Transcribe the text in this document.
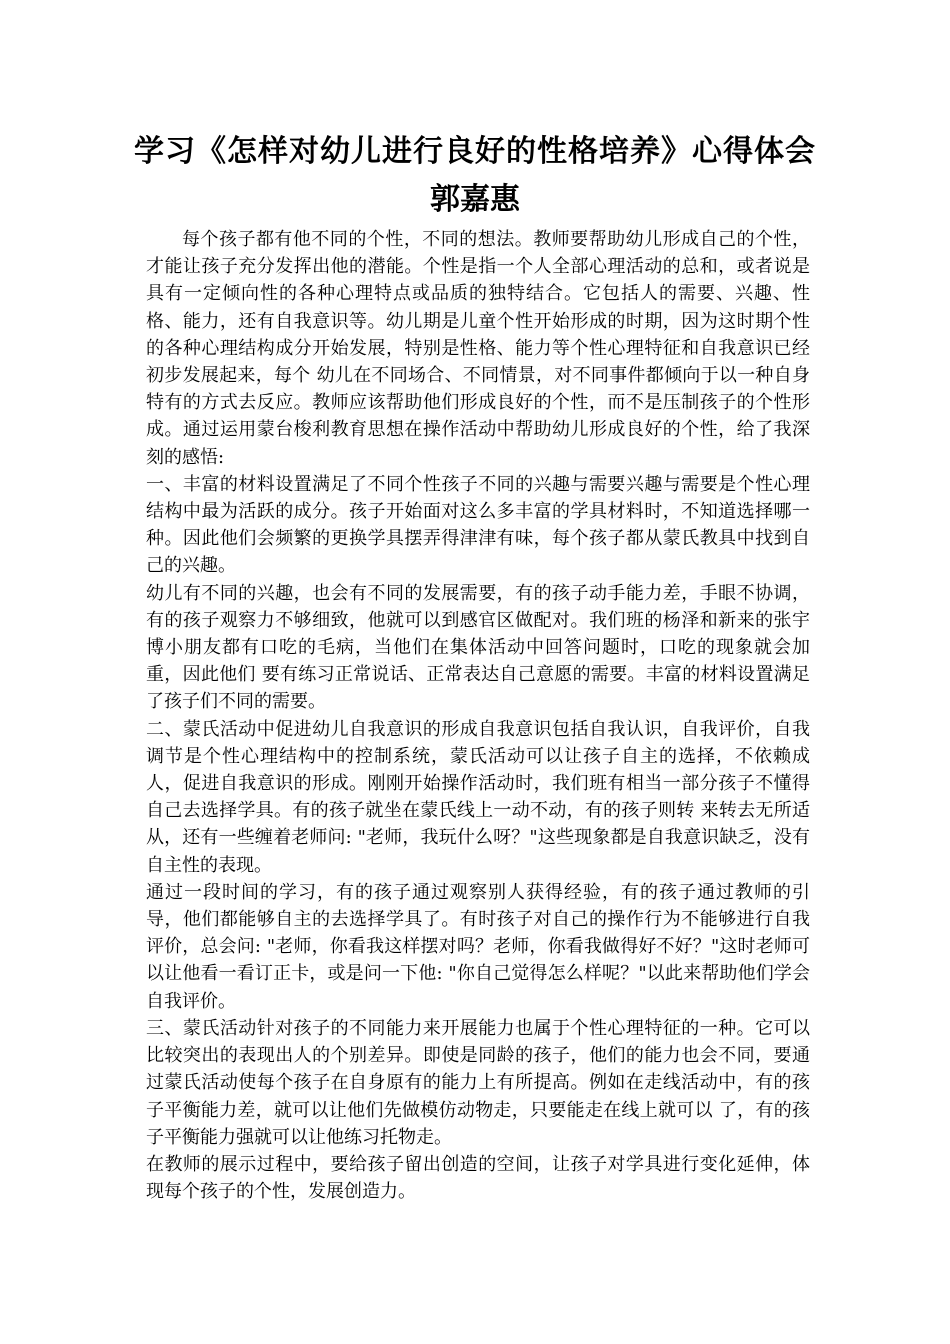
学习《怎样对幼儿进行良好的性格培养》心得体会
郭嘉惠

每个孩子都有他不同的个性，不同的想法。教师要帮助幼儿形成自己的个性，才能让孩子充分发挥出他的潜能。个性是指一个人全部心理活动的总和，或者说是具有一定倾向性的各种心理特点或品质的独特结合。它包括人的需要、兴趣、性格、能力，还有自我意识等。幼儿期是儿童个性开始形成的时期，因为这时期个性的各种心理结构成分开始发展，特别是性格、能力等个性心理特征和自我意识已经初步发展起来，每个 幼儿在不同场合、不同情景，对不同事件都倾向于以一种自身特有的方式去反应。教师应该帮助他们形成良好的个性，而不是压制孩子的个性形成。通过运用蒙台梭利教育思想在操作活动中帮助幼儿形成良好的个性，给了我深刻的感悟:

一、丰富的材料设置满足了不同个性孩子不同的兴趣与需要兴趣与需要是个性心理结构中最为活跃的成分。孩子开始面对这么多丰富的学具材料时，不知道选择哪一种。因此他们会频繁的更换学具摆弄得津津有味，每个孩子都从蒙氏教具中找到自己的兴趣。

幼儿有不同的兴趣，也会有不同的发展需要，有的孩子动手能力差，手眼不协调，有的孩子观察力不够细致，他就可以到感官区做配对。我们班的杨泽和新来的张宇博小朋友都有口吃的毛病，当他们在集体活动中回答问题时，口吃的现象就会加重，因此他们 要有练习正常说话、正常表达自己意愿的需要。丰富的材料设置满足了孩子们不同的需要。

二、蒙氏活动中促进幼儿自我意识的形成自我意识包括自我认识，自我评价，自我调节是个性心理结构中的控制系统，蒙氏活动可以让孩子自主的选择，不依赖成人，促进自我意识的形成。刚刚开始操作活动时，我们班有相当一部分孩子不懂得自己去选择学具。有的孩子就坐在蒙氏线上一动不动，有的孩子则转 来转去无所适从，还有一些缠着老师问: "老师，我玩什么呀？"这些现象都是自我意识缺乏，没有自主性的表现。

通过一段时间的学习，有的孩子通过观察别人获得经验，有的孩子通过教师的引导，他们都能够自主的去选择学具了。有时孩子对自己的操作行为不能够进行自我评价，总会问: "老师，你看我这样摆对吗？老师，你看我做得好不好？"这时老师可以让他看一看订正卡，或是问一下他: "你自己觉得怎么样呢？"以此来帮助他们学会自我评价。

三、蒙氏活动针对孩子的不同能力来开展能力也属于个性心理特征的一种。它可以比较突出的表现出人的个别差异。即使是同龄的孩子，他们的能力也会不同，要通过蒙氏活动使每个孩子在自身原有的能力上有所提高。例如在走线活动中，有的孩子平衡能力差，就可以让他们先做模仿动物走，只要能走在线上就可以 了，有的孩子平衡能力强就可以让他练习托物走。

在教师的展示过程中，要给孩子留出创造的空间，让孩子对学具进行变化延伸，体现每个孩子的个性，发展创造力。
